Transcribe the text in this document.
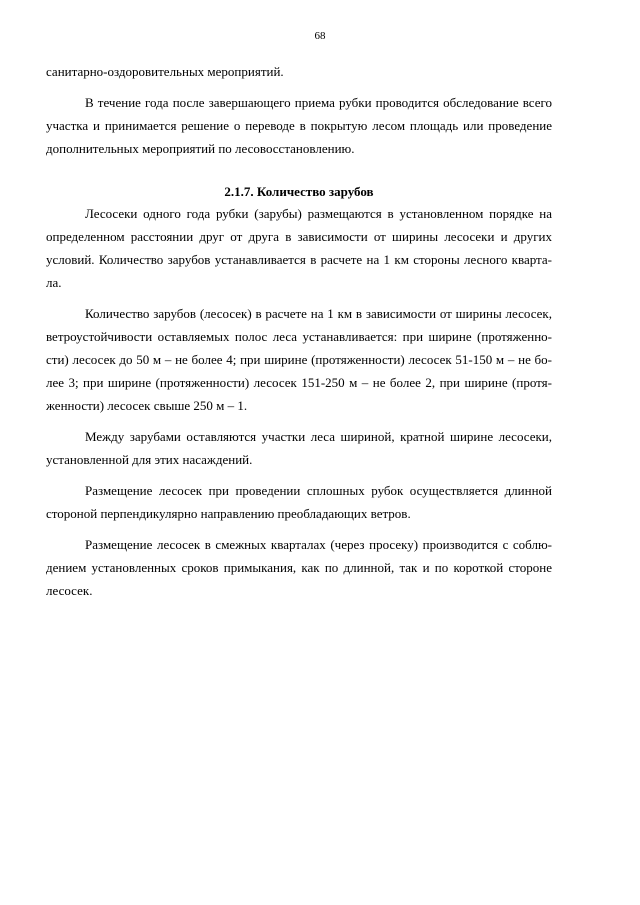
68

санитарно-оздоровительных мероприятий.

В течение года после завершающего приема рубки проводится обследование всего участка и принимается решение о переводе в покрытую лесом площадь или проведение дополнительных мероприятий по лесовосстановлению.

2.1.7. Количество зарубов

Лесосеки одного года рубки (зарубы) размещаются в установленном порядке на определенном расстоянии друг от друга в зависимости от ширины лесосеки и других условий. Количество зарубов устанавливается в расчете на 1 км стороны лесного кварта-ла.

Количество зарубов (лесосек) в расчете на 1 км в зависимости от ширины лесосек, ветроустойчивости оставляемых полос леса устанавливается: при ширине (протяженно-сти) лесосек до 50 м – не более 4; при ширине (протяженности) лесосек 51-150 м – не бо-лее 3; при ширине (протяженности) лесосек 151-250 м – не более 2, при ширине (протя-женности) лесосек свыше 250 м – 1.

Между зарубами оставляются участки леса шириной, кратной ширине лесосеки, установленной для этих насаждений.

Размещение лесосек при проведении сплошных рубок осуществляется длинной стороной перпендикулярно направлению преобладающих ветров.

Размещение лесосек в смежных кварталах (через просеку) производится с соблю-дением установленных сроков примыкания, как по длинной, так и по короткой стороне лесосек.
